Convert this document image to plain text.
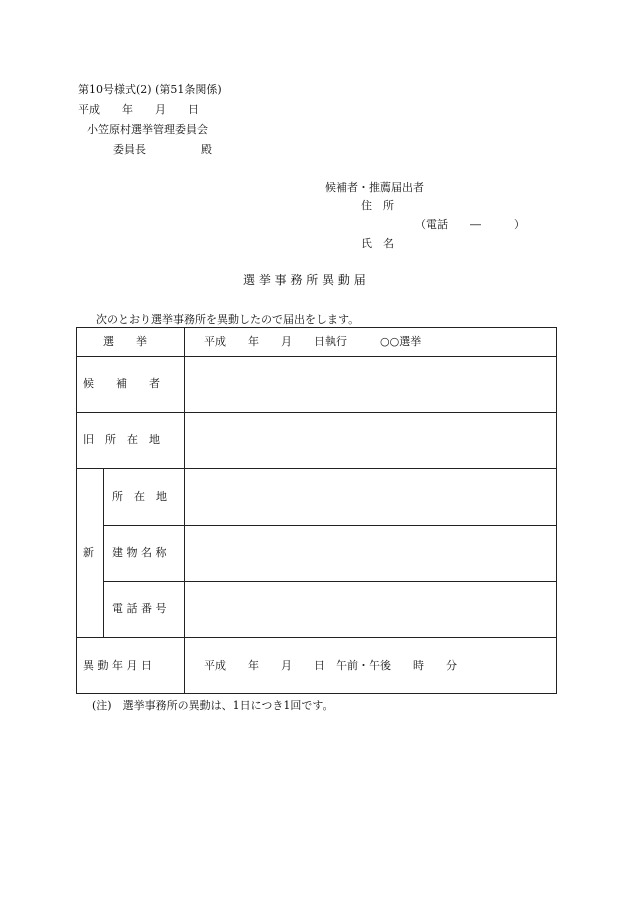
第10号様式(2) (第51条関係)
平成　　年　　月　　日
小笠原村選挙管理委員会
委員長　　　　　殿
候補者・推薦届出者
住　所
（電話　　―　　　）
氏　名
選 挙 事 務 所 異 動 届
次のとおり選挙事務所を異動したので届出をします。
選　　挙	平成　　年　　月　　日執行　　　○○選挙
候　　補　　者
旧　所　在　地
新
所　在　地
建 物 名 称
電 話 番 号
異 動 年 月 日	平成　　年　　月　　日　午前・午後　　時　　分
(注)　選挙事務所の異動は、1日につき1回です。
